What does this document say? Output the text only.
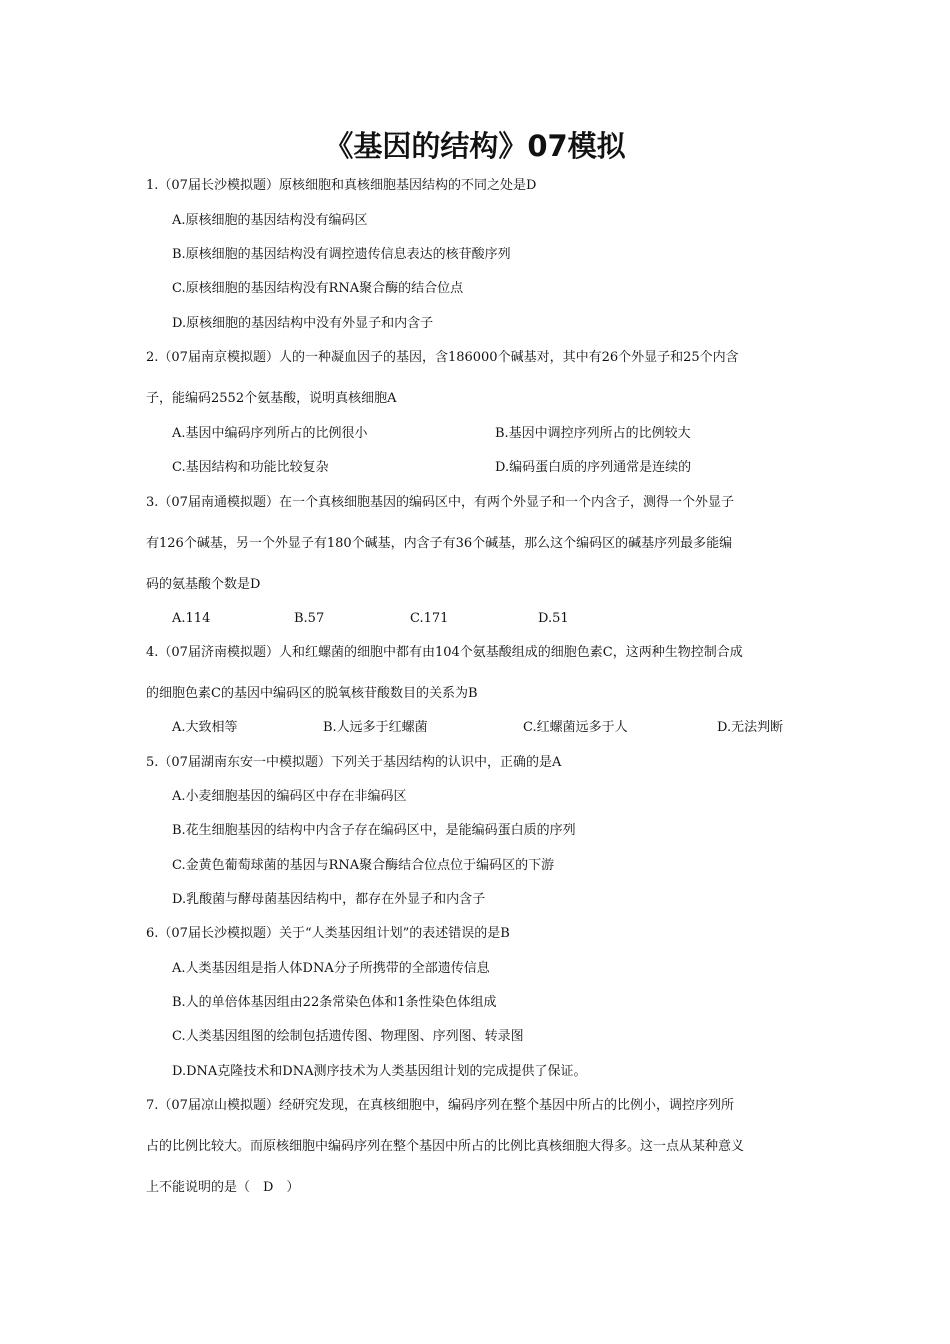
《基因的结构》07模拟
1.（07届长沙模拟题）原核细胞和真核细胞基因结构的不同之处是D
A.原核细胞的基因结构没有编码区
B.原核细胞的基因结构没有调控遗传信息表达的核苷酸序列
C.原核细胞的基因结构没有RNA聚合酶的结合位点
D.原核细胞的基因结构中没有外显子和内含子
2.（07届南京模拟题）人的一种凝血因子的基因，含186000个碱基对，其中有26个外显子和25个内含
子，能编码2552个氨基酸，说明真核细胞A
A.基因中编码序列所占的比例很小	B.基因中调控序列所占的比例较大
C.基因结构和功能比较复杂	D.编码蛋白质的序列通常是连续的
3.（07届南通模拟题）在一个真核细胞基因的编码区中，有两个外显子和一个内含子，测得一个外显子
有126个碱基，另一个外显子有180个碱基，内含子有36个碱基，那么这个编码区的碱基序列最多能编
码的氨基酸个数是D
A.114	B.57	C.171	D.51
4.（07届济南模拟题）人和红螺菌的细胞中都有由104个氨基酸组成的细胞色素C，这两种生物控制合成
的细胞色素C的基因中编码区的脱氧核苷酸数目的关系为B
A.大致相等	B.人远多于红螺菌	C.红螺菌远多于人	D.无法判断
5.（07届湖南东安一中模拟题）下列关于基因结构的认识中，正确的是A
A.小麦细胞基因的编码区中存在非编码区
B.花生细胞基因的结构中内含子存在编码区中，是能编码蛋白质的序列
C.金黄色葡萄球菌的基因与RNA聚合酶结合位点位于编码区的下游
D.乳酸菌与酵母菌基因结构中，都存在外显子和内含子
6.（07届长沙模拟题）关于“人类基因组计划”的表述错误的是B
A.人类基因组是指人体DNA分子所携带的全部遗传信息
B.人的单倍体基因组由22条常染色体和1条性染色体组成
C.人类基因组图的绘制包括遗传图、物理图、序列图、转录图
D.DNA克隆技术和DNA测序技术为人类基因组计划的完成提供了保证。
7.（07届凉山模拟题）经研究发现，在真核细胞中，编码序列在整个基因中所占的比例小，调控序列所
占的比例比较大。而原核细胞中编码序列在整个基因中所占的比例比真核细胞大得多。这一点从某种意义
上不能说明的是（　D　）
